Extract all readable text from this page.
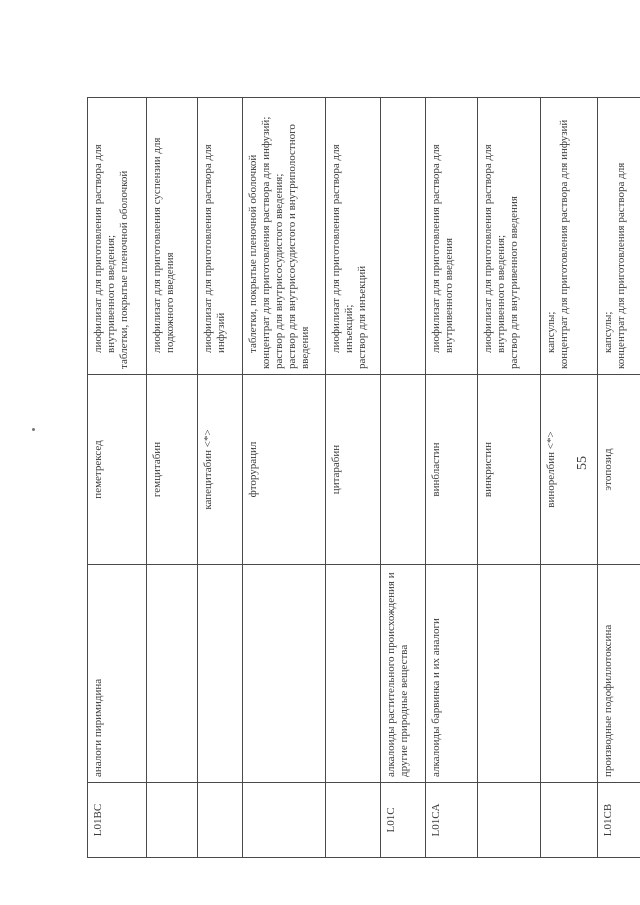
L01BC	аналоги пиримидина	пеметрексед	лиофилизат для приготовления раствора для внутривенного введения; таблетки, покрытые пленочной оболочкой

		гемцитабин	лиофилизат для приготовления суспензии для подкожного введения

		капецитабин <*>	лиофилизат для приготовления раствора для инфузий

		фторурацил	таблетки, покрытые пленочной оболочкой концентрат для приготовления раствора для инфузий; раствор для внутрисосудистого введения; раствор для внутрисосудистого и внутриполостного введения

		цитарабин	лиофилизат для приготовления раствора для инъекций; раствор для инъекций

L01C	алкалоиды растительного происхождения и другие природные вещества		
L01CA	алкалоиды барвинка и их аналоги	винбластин	лиофилизат для приготовления раствора для внутривенного введения

		винкристин	лиофилизат для приготовления раствора для внутривенного введения; раствор для внутривенного введения

		винорелбин <*>	капсулы; концентрат для приготовления раствора для инфузий

L01CB	производные подофиллотоксина	этопозид	капсулы; концентрат для приготовления раствора для
55
